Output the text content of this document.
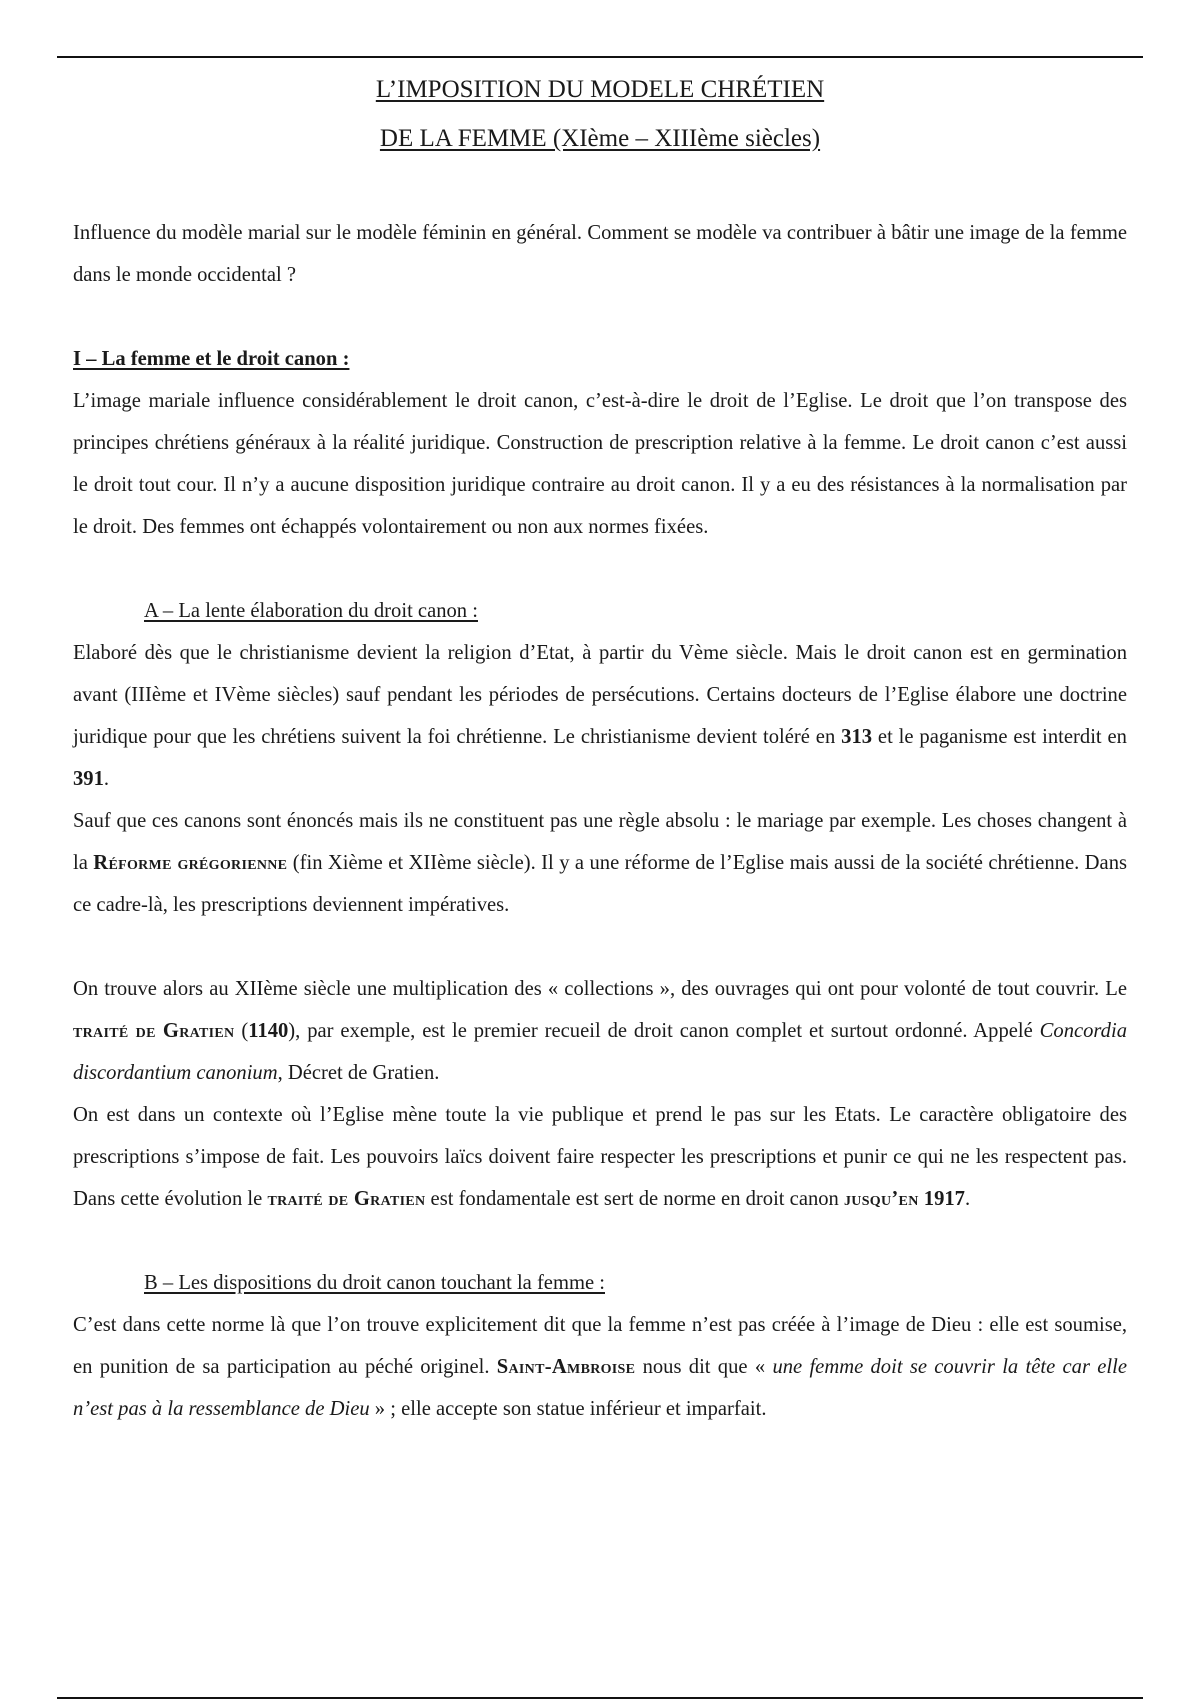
L’IMPOSITION DU MODELE CHRÉTIEN
DE LA FEMME (XIème – XIIIème siècles)

Influence du modèle marial sur le modèle féminin en général. Comment se modèle va contribuer à bâtir une image de la femme dans le monde occidental ?

I – La femme et le droit canon :

L’image mariale influence considérablement le droit canon, c’est-à-dire le droit de l’Eglise. Le droit que l’on transpose des principes chrétiens généraux à la réalité juridique. Construction de prescription relative à la femme. Le droit canon c’est aussi le droit tout cour. Il n’y a aucune disposition juridique contraire au droit canon. Il y a eu des résistances à la normalisation par le droit. Des femmes ont échappés volontairement ou non aux normes fixées.

A – La lente élaboration du droit canon :

Elaboré dès que le christianisme devient la religion d’Etat, à partir du Vème siècle. Mais le droit canon est en germination avant (IIIème et IVème siècles) sauf pendant les périodes de persécutions. Certains docteurs de l’Eglise élabore une doctrine juridique pour que les chrétiens suivent la foi chrétienne. Le christianisme devient toléré en 313 et le paganisme est interdit en 391.

Sauf que ces canons sont énoncés mais ils ne constituent pas une règle absolu : le mariage par exemple. Les choses changent à la Réforme grégorienne (fin Xième et XIIème siècle). Il y a une réforme de l’Eglise mais aussi de la société chrétienne. Dans ce cadre-là, les prescriptions deviennent impératives.

On trouve alors au XIIème siècle une multiplication des « collections », des ouvrages qui ont pour volonté de tout couvrir. Le traité de Gratien (1140), par exemple, est le premier recueil de droit canon complet et surtout ordonné. Appelé Concordia discordantium canonium, Décret de Gratien.

On est dans un contexte où l’Eglise mène toute la vie publique et prend le pas sur les Etats. Le caractère obligatoire des prescriptions s’impose de fait. Les pouvoirs laïcs doivent faire respecter les prescriptions et punir ce qui ne les respectent pas. Dans cette évolution le traité de Gratien est fondamentale est sert de norme en droit canon jusqu’en 1917.

B – Les dispositions du droit canon touchant la femme :

C’est dans cette norme là que l’on trouve explicitement dit que la femme n’est pas créée à l’image de Dieu : elle est soumise, en punition de sa participation au péché originel. Saint-Ambroise nous dit que « une femme doit se couvrir la tête car elle n’est pas à la ressemblance de Dieu » ; elle accepte son statue inférieur et imparfait.
